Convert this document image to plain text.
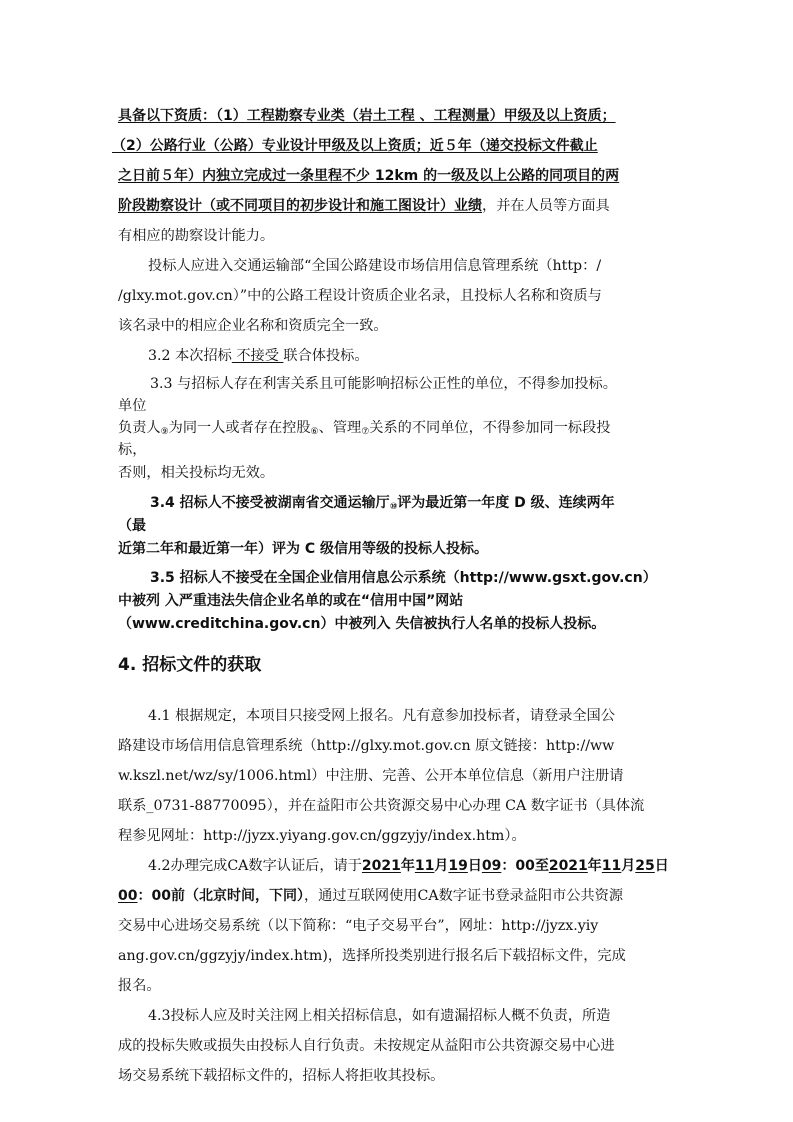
具备以下资质：（1）工程勘察专业类（岩土工程 、工程测量）甲级及以上资质；
（2）公路行业（公路）专业设计甲级及以上资质；近５年（递交投标文件截止
之日前５年）内独立完成过一条里程不少 12km 的一级及以上公路的同项目的两
阶段勘察设计（或不同项目的初步设计和施工图设计）业绩，并在人员等方面具
有相应的勘察设计能力。
投标人应进入交通运输部“全国公路建设市场信用信息管理系统（http：/
/glxy.mot.gov.cn）”中的公路工程设计资质企业名录，且投标人名称和资质与
该名录中的相应企业名称和资质完全一致。
3.2 本次招标 不接受 联合体投标。
3.3 与招标人存在利害关系且可能影响招标公正性的单位，不得参加投标。
单位
负责人$_⑨$为同一人或者存在控股$_⑥$、管理$_⑦$关系的不同单位，不得参加同一标段投
标，
否则，相关投标均无效。
3.4 招标人不接受被湖南省交通运输厅$_⑩$评为最近第一年度 D 级、连续两年
（最
近第二年和最近第一年）评为 C 级信用等级的投标人投标。
3.5 招标人不接受在全国企业信用信息公示系统（http://www.gsxt.gov.cn）
中被列 入严重违法失信企业名单的或在“信用中国”网站
（www.creditchina.gov.cn）中被列入 失信被执行人名单的投标人投标。
4. 招标文件的获取
4.1 根据规定，本项目只接受网上报名。凡有意参加投标者，请登录全国公
路建设市场信用信息管理系统（http://glxy.mot.gov.cn 原文链接：http://ww
w.kszl.net/wz/sy/1006.html）中注册、完善、公开本单位信息（新用户注册请
联系_0731-88770095），并在益阳市公共资源交易中心办理 CA 数字证书（具体流
程参见网址：http://jyzx.yiyang.gov.cn/ggzyjy/index.htm）。
4.2办理完成CA数字认证后，请于2021年11月19日09：00至2021年11月25日
00：00前（北京时间，下同），通过互联网使用CA数字证书登录益阳市公共资源
交易中心进场交易系统（以下简称：“电子交易平台”，网址：http://jyzx.yiy
ang.gov.cn/ggzyjy/index.htm)，选择所投类别进行报名后下载招标文件，完成
报名。
4.3投标人应及时关注网上相关招标信息，如有遗漏招标人概不负责，所造
成的投标失败或损失由投标人自行负责。未按规定从益阳市公共资源交易中心进
场交易系统下载招标文件的，招标人将拒收其投标。
